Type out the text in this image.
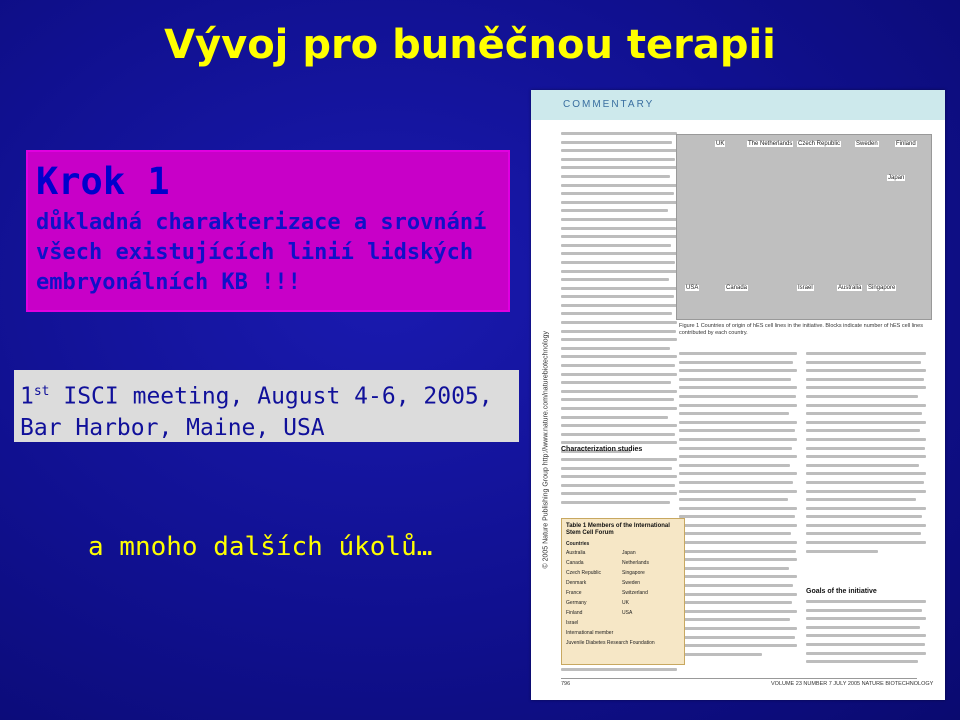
Vývoj pro buněčnou terapii
Krok 1
důkladná charakterizace a srovnání
všech existujících linií lidských
embryonálních KB !!!
1st ISCI meeting, August 4-6, 2005,
Bar Harbor, Maine, USA
a mnoho dalších úkolů…
COMMENTARY
© 2005 Nature Publishing Group http://www.nature.com/naturebiotechnology Characterization studies
UK	The Netherlands Czech Republic	Sweden	Finland
Israel
USA	Canada	Australia
Japan
Singapore
Figure 1 Countries of origin of hES cell lines in the initiative. Blocks indicate number of hES cell lines contributed by each country.
Goals of the initiative
Table 1 Members of the International Stem Cell Forum
Countries
Australia	Japan
Canada	Netherlands
Czech Republic	Singapore
Denmark	Sweden
France	Switzerland
Germany	UK
Finland	USA
Israel
International member
Juvenile Diabetes Research Foundation
796	VOLUME 23 NUMBER 7 JULY 2005 NATURE BIOTECHNOLOGY
